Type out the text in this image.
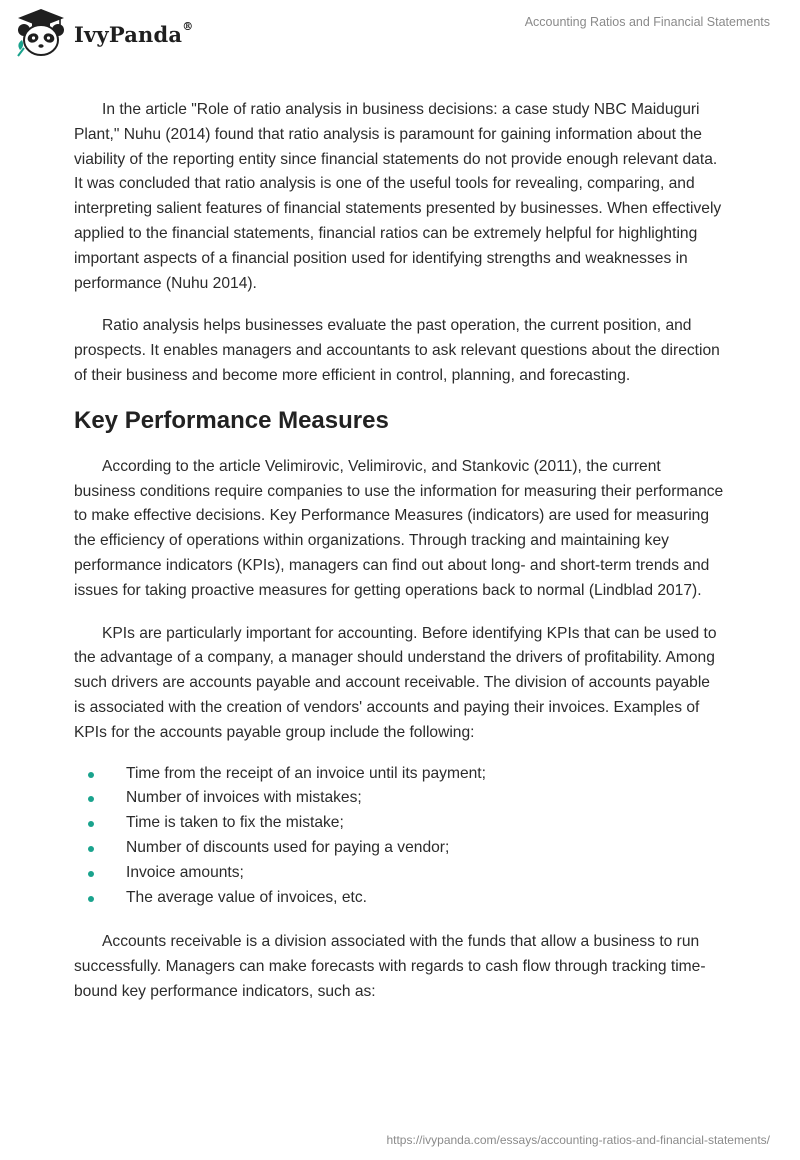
IvyPanda®	Accounting Ratios and Financial Statements

In the article "Role of ratio analysis in business decisions: a case study NBC Maiduguri Plant," Nuhu (2014) found that ratio analysis is paramount for gaining information about the viability of the reporting entity since financial statements do not provide enough relevant data. It was concluded that ratio analysis is one of the useful tools for revealing, comparing, and interpreting salient features of financial statements presented by businesses. When effectively applied to the financial statements, financial ratios can be extremely helpful for highlighting important aspects of a financial position used for identifying strengths and weaknesses in performance (Nuhu 2014).

Ratio analysis helps businesses evaluate the past operation, the current position, and prospects. It enables managers and accountants to ask relevant questions about the direction of their business and become more efficient in control, planning, and forecasting.

Key Performance Measures

According to the article Velimirovic, Velimirovic, and Stankovic (2011), the current business conditions require companies to use the information for measuring their performance to make effective decisions. Key Performance Measures (indicators) are used for measuring the efficiency of operations within organizations. Through tracking and maintaining key performance indicators (KPIs), managers can find out about long- and short-term trends and issues for taking proactive measures for getting operations back to normal (Lindblad 2017).

KPIs are particularly important for accounting. Before identifying KPIs that can be used to the advantage of a company, a manager should understand the drivers of profitability. Among such drivers are accounts payable and account receivable. The division of accounts payable is associated with the creation of vendors' accounts and paying their invoices. Examples of KPIs for the accounts payable group include the following:

Time from the receipt of an invoice until its payment;
Number of invoices with mistakes;
Time is taken to fix the mistake;
Number of discounts used for paying a vendor;
Invoice amounts;
The average value of invoices, etc.

Accounts receivable is a division associated with the funds that allow a business to run successfully. Managers can make forecasts with regards to cash flow through tracking time-bound key performance indicators, such as:

https://ivypanda.com/essays/accounting-ratios-and-financial-statements/
